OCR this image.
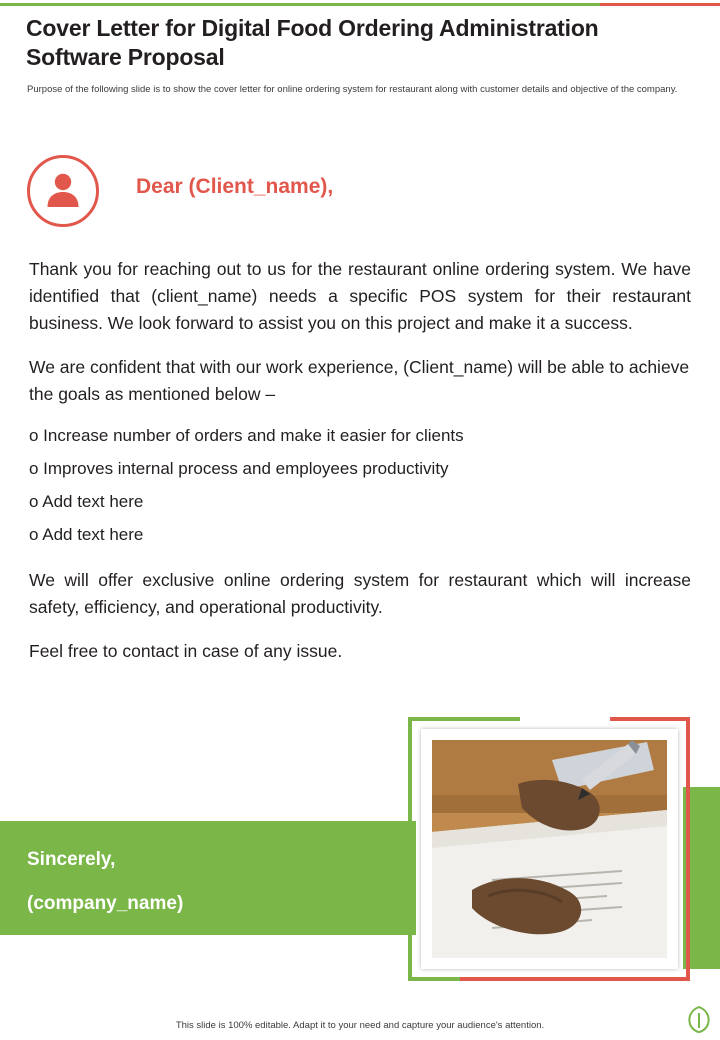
Cover Letter for Digital Food Ordering Administration Software Proposal
Purpose of the following slide is to show the cover letter for online ordering system for restaurant along with customer details and objective of the company.
Dear (Client_name),

Thank you for reaching out to us for the restaurant online ordering system. We have identified that (client_name) needs a specific POS system for their restaurant business. We look forward to assist you on this project and make it a success.

We are confident that with our work experience, (Client_name) will be able to achieve the goals as mentioned below –

o Increase number of orders and make it easier for clients

o Improves internal process and employees productivity

o Add text here

o Add text here

We will offer exclusive online ordering system for restaurant which will increase safety, efficiency, and operational productivity.

Feel free to contact in case of any issue.

Sincerely,
(company_name)
This slide is 100% editable. Adapt it to your need and capture your audience's attention.
